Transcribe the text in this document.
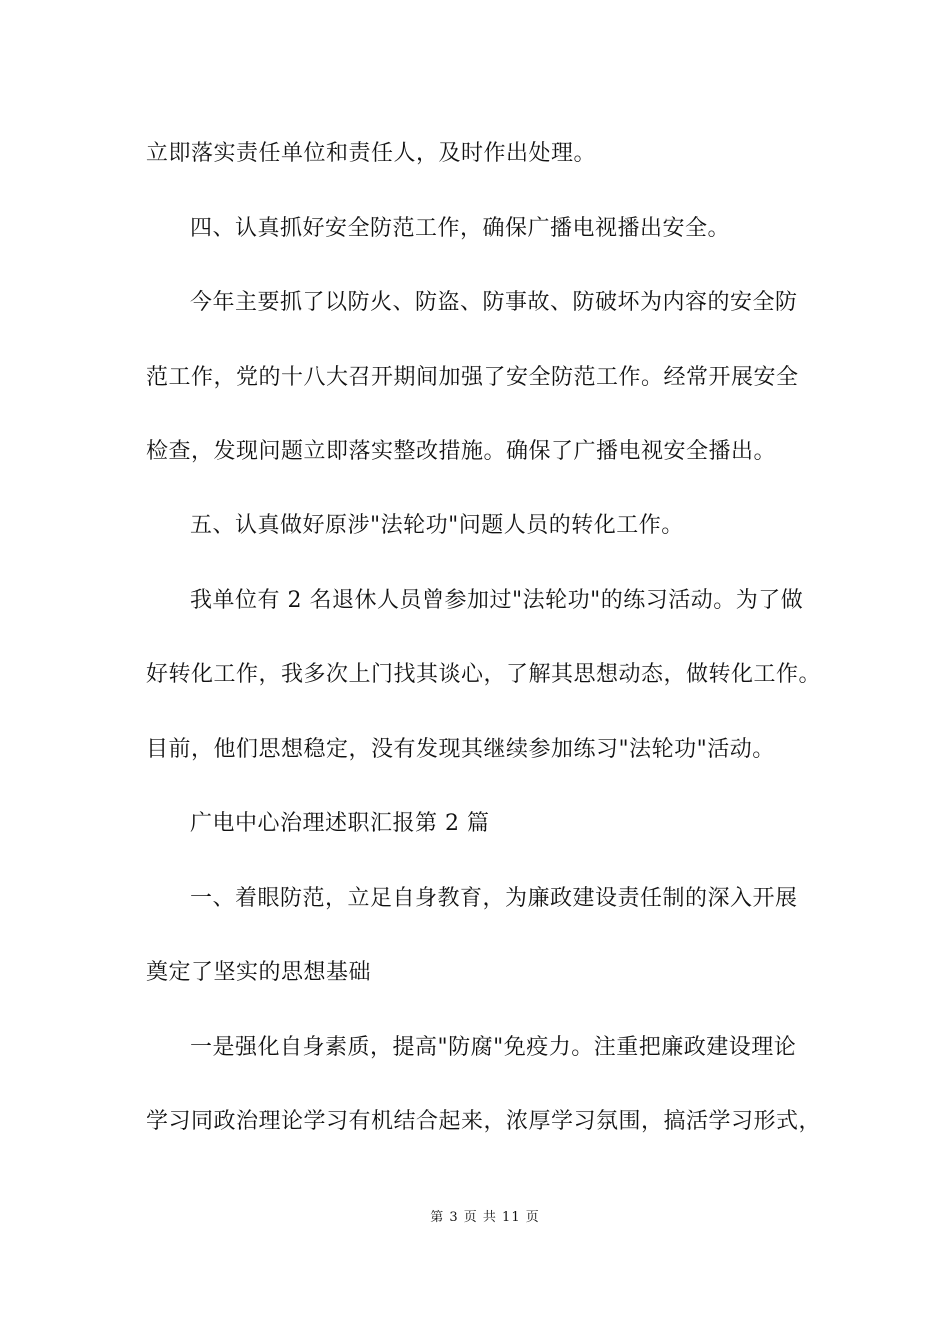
立即落实责任单位和责任人，及时作出处理。
四、认真抓好安全防范工作，确保广播电视播出安全。
今年主要抓了以防火、防盗、防事故、防破坏为内容的安全防
范工作，党的十八大召开期间加强了安全防范工作。经常开展安全
检查，发现问题立即落实整改措施。确保了广播电视安全播出。
五、认真做好原涉"法轮功"问题人员的转化工作。
我单位有 2 名退休人员曾参加过"法轮功"的练习活动。为了做
好转化工作，我多次上门找其谈心，了解其思想动态，做转化工作。
目前，他们思想稳定，没有发现其继续参加练习"法轮功"活动。
广电中心治理述职汇报第 2 篇
一、着眼防范，立足自身教育，为廉政建设责任制的深入开展
奠定了坚实的思想基础
一是强化自身素质，提高"防腐"免疫力。注重把廉政建设理论
学习同政治理论学习有机结合起来，浓厚学习氛围，搞活学习形式，
第 3 页 共 11 页
